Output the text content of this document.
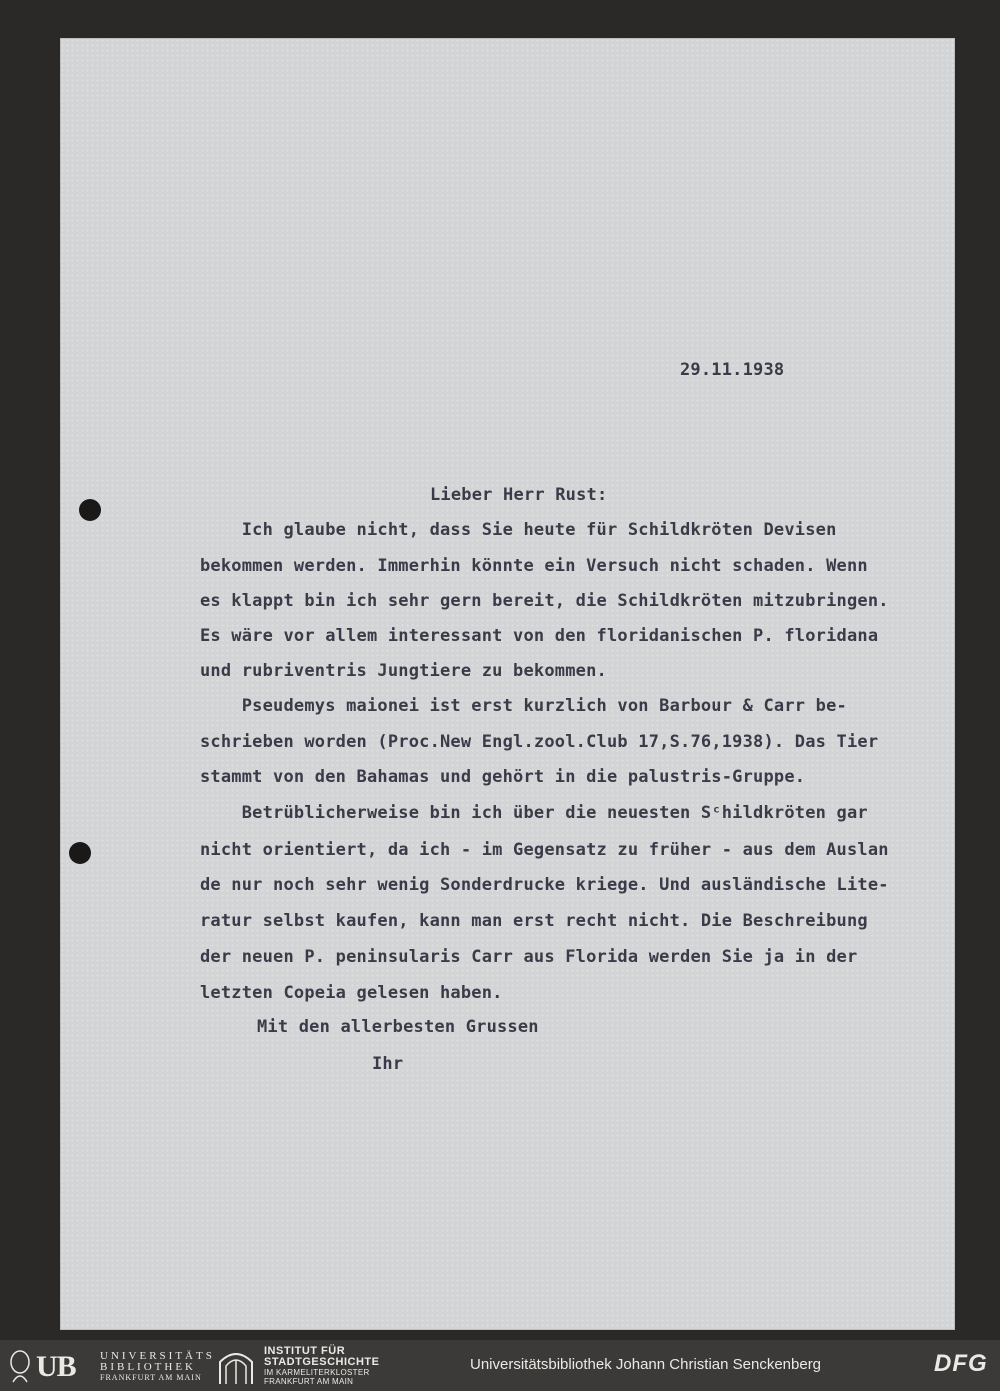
29.11.1938
Lieber Herr Rust:
Ich glaube nicht, dass Sie heute für Schildkröten Devisen
bekommen werden. Immerhin könnte ein Versuch nicht schaden. Wenn
es klappt bin ich sehr gern bereit, die Schildkröten mitzubringen.
Es wäre vor allem interessant von den floridanischen P. floridana
und rubriventris Jungtiere zu bekommen.
Pseudemys maionei ist erst kurzlich von Barbour & Carr be-
schrieben worden (Proc.New Engl.zool.Club 17,S.76,1938). Das Tier
stammt von den Bahamas und gehört in die palustris-Gruppe.
Betrüblicherweise bin ich über die neuesten Sᶜhildkröten gar
nicht orientiert, da ich - im Gegensatz zu früher - aus dem Auslan
de nur noch sehr wenig Sonderdrucke kriege. Und ausländische Lite-
ratur selbst kaufen, kann man erst recht nicht. Die Beschreibung
der neuen P. peninsularis Carr aus Florida werden Sie ja in der
letzten Copeia gelesen haben.
Mit den allerbesten Grussen
Ihr
UB UNIVERSITÄTS
BIBLIOTHEK
FRANKFURT AM MAIN
INSTITUT FÜR
STADTGESCHICHTE
IM KARMELITERKLOSTER
FRANKFURT AM MAIN
Universitätsbibliothek Johann Christian Senckenberg	DFG
